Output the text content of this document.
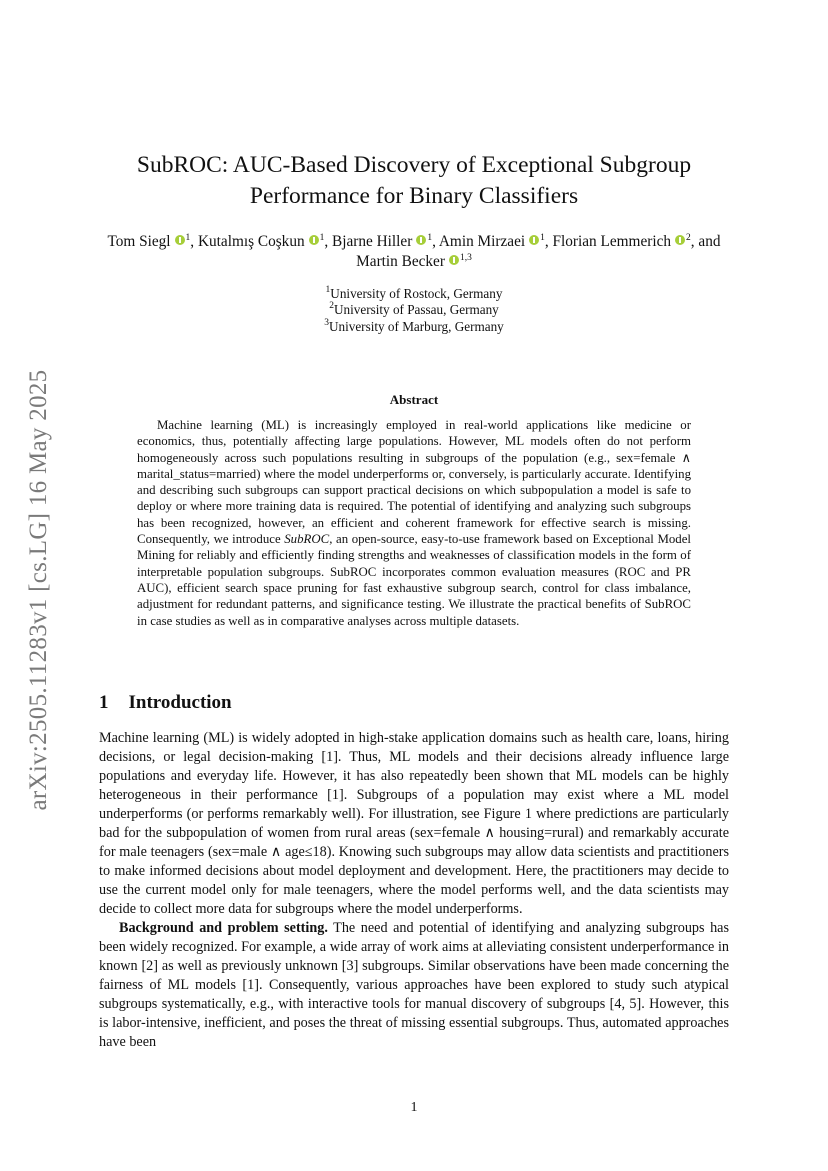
arXiv:2505.11283v1 [cs.LG] 16 May 2025
SubROC: AUC-Based Discovery of Exceptional Subgroup
Performance for Binary Classifiers
Tom Siegl $^1$, Kutalmış Coşkun $^1$, Bjarne Hiller $^1$, Amin Mirzaei $^1$, Florian Lemmerich $^2$, and Martin Becker $^{1,3}$
$^1$University of Rostock, Germany
$^2$University of Passau, Germany
$^3$University of Marburg, Germany
Abstract
Machine learning (ML) is increasingly employed in real-world applications like medicine or economics, thus, potentially affecting large populations. However, ML models often do not perform homogeneously across such populations resulting in subgroups of the population (e.g., sex=female ∧ marital_status=married) where the model underperforms or, conversely, is particularly accurate. Identifying and describing such subgroups can support practical decisions on which subpopulation a model is safe to deploy or where more training data is required. The potential of identifying and analyzing such subgroups has been recognized, however, an efficient and coherent framework for effective search is missing. Consequently, we introduce SubROC, an open-source, easy-to-use framework based on Exceptional Model Mining for reliably and efficiently finding strengths and weaknesses of classification models in the form of interpretable population subgroups. SubROC incorporates common evaluation measures (ROC and PR AUC), efficient search space pruning for fast exhaustive subgroup search, control for class imbalance, adjustment for redundant patterns, and significance testing. We illustrate the practical benefits of SubROC in case studies as well as in comparative analyses across multiple datasets.
1 Introduction

Machine learning (ML) is widely adopted in high-stake application domains such as health care, loans, hiring decisions, or legal decision-making [1]. Thus, ML models and their decisions already influence large populations and everyday life. However, it has also repeatedly been shown that ML models can be highly heterogeneous in their performance [1]. Subgroups of a population may exist where a ML model underperforms (or performs remarkably well). For illustration, see Figure 1 where predictions are particularly bad for the subpopulation of women from rural areas (sex=female ∧ housing=rural) and remarkably accurate for male teenagers (sex=male ∧ age≤18). Knowing such subgroups may allow data scientists and practitioners to make informed decisions about model deployment and development. Here, the practitioners may decide to use the current model only for male teenagers, where the model performs well, and the data scientists may decide to collect more data for subgroups where the model underperforms.

Background and problem setting. The need and potential of identifying and analyzing subgroups has been widely recognized. For example, a wide array of work aims at alleviating consistent underperformance in known [2] as well as previously unknown [3] subgroups. Similar observations have been made concerning the fairness of ML models [1]. Consequently, various approaches have been explored to study such atypical subgroups systematically, e.g., with interactive tools for manual discovery of subgroups [4, 5]. However, this is labor-intensive, inefficient, and poses the threat of missing essential subgroups. Thus, automated approaches have been

1
